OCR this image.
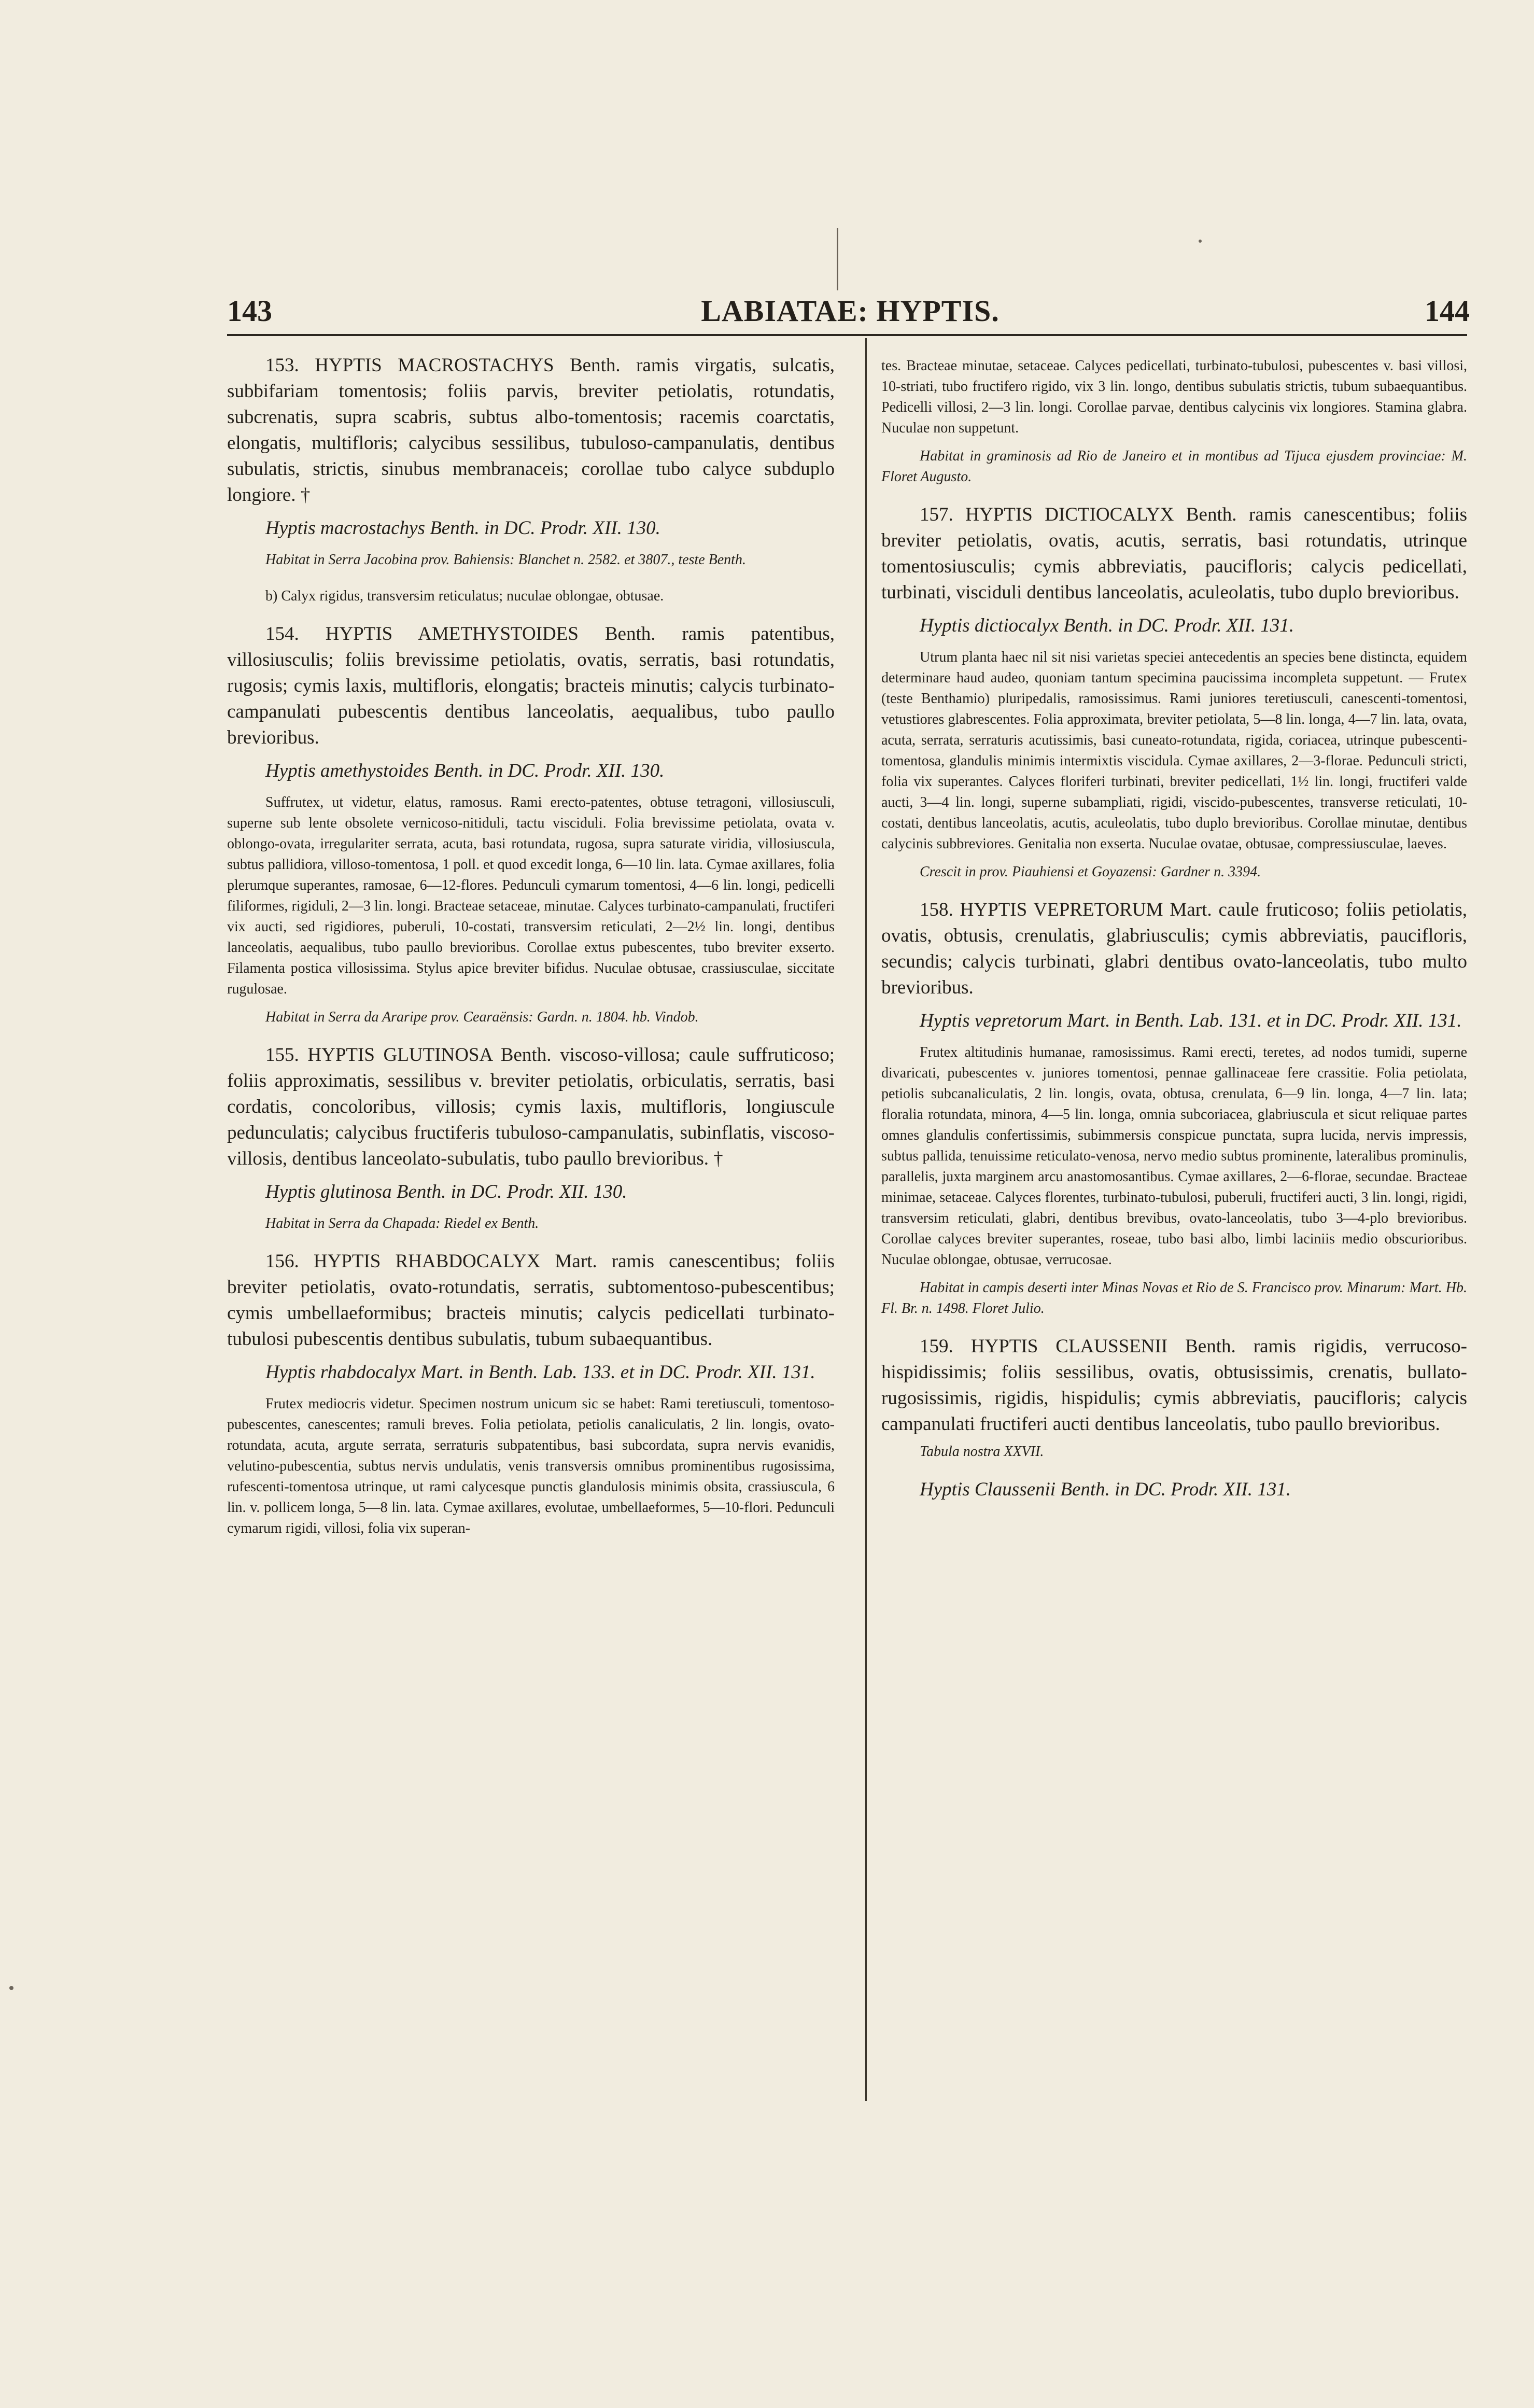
143	LABIATAE: HYPTIS.	144

153. HYPTIS MACROSTACHYS Benth. ramis virgatis, sulcatis, subbifariam tomentosis; foliis parvis, breviter petiolatis, rotundatis, subcrenatis, supra scabris, subtus albo-tomentosis; racemis coarctatis, elongatis, multifloris; calycibus sessilibus, tubuloso-campanulatis, dentibus subulatis, strictis, sinubus membranaceis; corollae tubo calyce subduplo longiore. †

Hyptis macrostachys Benth. in DC. Prodr. XII. 130.

Habitat in Serra Jacobina prov. Bahiensis: Blanchet n. 2582. et 3807., teste Benth.

b) Calyx rigidus, transversim reticulatus; nuculae oblongae, obtusae.

154. HYPTIS AMETHYSTOIDES Benth. ramis patentibus, villosiusculis; foliis brevissime petiolatis, ovatis, serratis, basi rotundatis, rugosis; cymis laxis, multifloris, elongatis; bracteis minutis; calycis turbinato-campanulati pubescentis dentibus lanceolatis, aequalibus, tubo paullo brevioribus.

Hyptis amethystoides Benth. in DC. Prodr. XII. 130.

Suffrutex, ut videtur, elatus, ramosus. Rami erecto-patentes, obtuse tetragoni, villosiusculi, superne sub lente obsolete vernicoso-nitiduli, tactu visciduli. Folia brevissime petiolata, ovata v. oblongo-ovata, irregulariter serrata, acuta, basi rotundata, rugosa, supra saturate viridia, villosiuscula, subtus pallidiora, villoso-tomentosa, 1 poll. et quod excedit longa, 6—10 lin. lata. Cymae axillares, folia plerumque superantes, ramosae, 6—12-flores. Pedunculi cymarum tomentosi, 4—6 lin. longi, pedicelli filiformes, rigiduli, 2—3 lin. longi. Bracteae setaceae, minutae. Calyces turbinato-campanulati, fructiferi vix aucti, sed rigidiores, puberuli, 10-costati, transversim reticulati, 2—2½ lin. longi, dentibus lanceolatis, aequalibus, tubo paullo brevioribus. Corollae extus pubescentes, tubo breviter exserto. Filamenta postica villosissima. Stylus apice breviter bifidus. Nuculae obtusae, crassiusculae, siccitate rugulosae.

Habitat in Serra da Araripe prov. Cearaënsis: Gardn. n. 1804. hb. Vindob.

155. HYPTIS GLUTINOSA Benth. viscoso-villosa; caule suffruticoso; foliis approximatis, sessilibus v. breviter petiolatis, orbiculatis, serratis, basi cordatis, concoloribus, villosis; cymis laxis, multifloris, longiuscule pedunculatis; calycibus fructiferis tubuloso-campanulatis, subinflatis, viscoso-villosis, dentibus lanceolato-subulatis, tubo paullo brevioribus. †

Hyptis glutinosa Benth. in DC. Prodr. XII. 130.

Habitat in Serra da Chapada: Riedel ex Benth.

156. HYPTIS RHABDOCALYX Mart. ramis canescentibus; foliis breviter petiolatis, ovato-rotundatis, serratis, subtomentoso-pubescentibus; cymis umbellaeformibus; bracteis minutis; calycis pedicellati turbinato-tubulosi pubescentis dentibus subulatis, tubum subaequantibus.

Hyptis rhabdocalyx Mart. in Benth. Lab. 133. et in DC. Prodr. XII. 131.

Frutex mediocris videtur. Specimen nostrum unicum sic se habet: Rami teretiusculi, tomentoso-pubescentes, canescentes; ramuli breves. Folia petiolata, petiolis canaliculatis, 2 lin. longis, ovato-rotundata, acuta, argute serrata, serraturis subpatentibus, basi subcordata, supra nervis evanidis, velutino-pubescentia, subtus nervis undulatis, venis transversis omnibus prominentibus rugosissima, rufescenti-tomentosa utrinque, ut rami calycesque punctis glandulosis minimis obsita, crassiuscula, 6 lin. v. pollicem longa, 5—8 lin. lata. Cymae axillares, evolutae, umbellaeformes, 5—10-flori. Pedunculi cymarum rigidi, villosi, folia vix superan-

tes. Bracteae minutae, setaceae. Calyces pedicellati, turbinato-tubulosi, pubescentes v. basi villosi, 10-striati, tubo fructifero rigido, vix 3 lin. longo, dentibus subulatis strictis, tubum subaequantibus. Pedicelli villosi, 2—3 lin. longi. Corollae parvae, dentibus calycinis vix longiores. Stamina glabra. Nuculae non suppetunt.

Habitat in graminosis ad Rio de Janeiro et in montibus ad Tijuca ejusdem provinciae: M. Floret Augusto.

157. HYPTIS DICTIOCALYX Benth. ramis canescentibus; foliis breviter petiolatis, ovatis, acutis, serratis, basi rotundatis, utrinque tomentosiusculis; cymis abbreviatis, paucifloris; calycis pedicellati, turbinati, visciduli dentibus lanceolatis, aculeolatis, tubo duplo brevioribus.

Hyptis dictiocalyx Benth. in DC. Prodr. XII. 131.

Utrum planta haec nil sit nisi varietas speciei antecedentis an species bene distincta, equidem determinare haud audeo, quoniam tantum specimina paucissima incompleta suppetunt. — Frutex (teste Benthamio) pluripedalis, ramosissimus. Rami juniores teretiusculi, canescenti-tomentosi, vetustiores glabrescentes. Folia approximata, breviter petiolata, 5—8 lin. longa, 4—7 lin. lata, ovata, acuta, serrata, serraturis acutissimis, basi cuneato-rotundata, rigida, coriacea, utrinque pubescenti-tomentosa, glandulis minimis intermixtis viscidula. Cymae axillares, 2—3-florae. Pedunculi stricti, folia vix superantes. Calyces floriferi turbinati, breviter pedicellati, 1½ lin. longi, fructiferi valde aucti, 3—4 lin. longi, superne subampliati, rigidi, viscido-pubescentes, transverse reticulati, 10-costati, dentibus lanceolatis, acutis, aculeolatis, tubo duplo brevioribus. Corollae minutae, dentibus calycinis subbreviores. Genitalia non exserta. Nuculae ovatae, obtusae, compressiusculae, laeves.

Crescit in prov. Piauhiensi et Goyazensi: Gardner n. 3394.

158. HYPTIS VEPRETORUM Mart. caule fruticoso; foliis petiolatis, ovatis, obtusis, crenulatis, glabriusculis; cymis abbreviatis, paucifloris, secundis; calycis turbinati, glabri dentibus ovato-lanceolatis, tubo multo brevioribus.

Hyptis vepretorum Mart. in Benth. Lab. 131. et in DC. Prodr. XII. 131.

Frutex altitudinis humanae, ramosissimus. Rami erecti, teretes, ad nodos tumidi, superne divaricati, pubescentes v. juniores tomentosi, pennae gallinaceae fere crassitie. Folia petiolata, petiolis subcanaliculatis, 2 lin. longis, ovata, obtusa, crenulata, 6—9 lin. longa, 4—7 lin. lata; floralia rotundata, minora, 4—5 lin. longa, omnia subcoriacea, glabriuscula et sicut reliquae partes omnes glandulis confertissimis, subimmersis conspicue punctata, supra lucida, nervis impressis, subtus pallida, tenuissime reticulato-venosa, nervo medio subtus prominente, lateralibus prominulis, parallelis, juxta marginem arcu anastomosantibus. Cymae axillares, 2—6-florae, secundae. Bracteae minimae, setaceae. Calyces florentes, turbinato-tubulosi, puberuli, fructiferi aucti, 3 lin. longi, rigidi, transversim reticulati, glabri, dentibus brevibus, ovato-lanceolatis, tubo 3—4-plo brevioribus. Corollae calyces breviter superantes, roseae, tubo basi albo, limbi laciniis medio obscurioribus. Nuculae oblongae, obtusae, verrucosae.

Habitat in campis deserti inter Minas Novas et Rio de S. Francisco prov. Minarum: Mart. Hb. Fl. Br. n. 1498. Floret Julio.

159. HYPTIS CLAUSSENII Benth. ramis rigidis, verrucoso-hispidissimis; foliis sessilibus, ovatis, obtusissimis, crenatis, bullato-rugosissimis, rigidis, hispidulis; cymis abbreviatis, paucifloris; calycis campanulati fructiferi aucti dentibus lanceolatis, tubo paullo brevioribus.

Tabula nostra XXVII.

Hyptis Claussenii Benth. in DC. Prodr. XII. 131.
